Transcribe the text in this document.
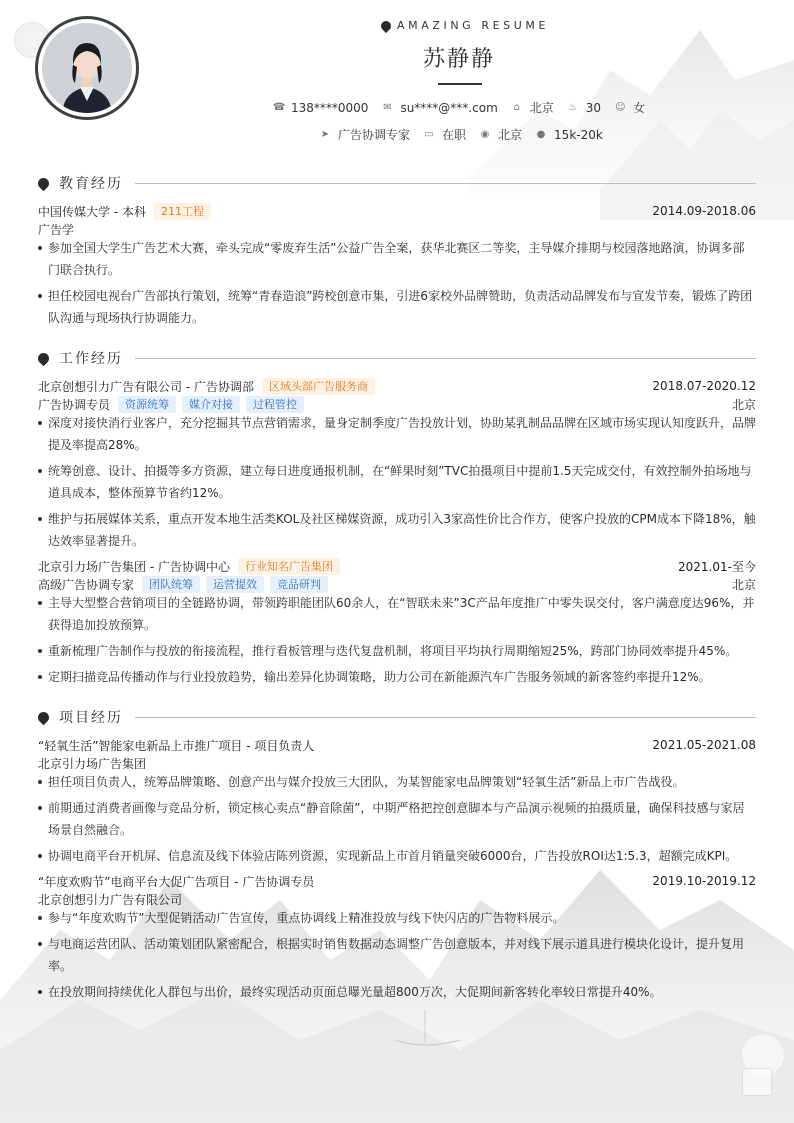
AMAZING RESUME
苏静静
☎ 138****0000 ✉ su****@***.com ⌂ 北京 ♨ 30 ☺ 女
➤ 广告协调专家 ▭ 在职 ◉ 北京 ● 15k-20k
教育经历
中国传媒大学 - 本科	211工程	2014.09-2018.06
广告学
参加全国大学生广告艺术大赛，牵头完成“零废弃生活”公益广告全案，获华北赛区二等奖，主导媒介排期与校园落地路演，协调多部门联合执行。
担任校园电视台广告部执行策划，统筹“青春造浪”跨校创意市集，引进6家校外品牌赞助，负责活动品牌发布与宣发节奏，锻炼了跨团队沟通与现场执行协调能力。
工作经历
北京创想引力广告有限公司 - 广告协调部	区域头部广告服务商	2018.07-2020.12
广告协调专员	资源统筹	媒介对接	过程管控	北京
深度对接快消行业客户，充分挖掘其节点营销需求，量身定制季度广告投放计划，协助某乳制品品牌在区域市场实现认知度跃升，品牌提及率提高28%。
统筹创意、设计、拍摄等多方资源，建立每日进度通报机制，在“鲜果时刻”TVC拍摄项目中提前1.5天完成交付，有效控制外拍场地与道具成本，整体预算节省约12%。
维护与拓展媒体关系，重点开发本地生活类KOL及社区梯媒资源，成功引入3家高性价比合作方，使客户投放的CPM成本下降18%，触达效率显著提升。
北京引力场广告集团 - 广告协调中心	行业知名广告集团	2021.01-至今
高级广告协调专家	团队统筹	运营提效	竞品研判	北京
主导大型整合营销项目的全链路协调，带领跨职能团队60余人，在“智联未来”3C产品年度推广中零失误交付，客户满意度达96%，并获得追加投放预算。
重新梳理广告制作与投放的衔接流程，推行看板管理与迭代复盘机制，将项目平均执行周期缩短25%，跨部门协同效率提升45%。
定期扫描竞品传播动作与行业投放趋势，输出差异化协调策略，助力公司在新能源汽车广告服务领域的新客签约率提升12%。
项目经历
“轻氧生活”智能家电新品上市推广项目 - 项目负责人	2021.05-2021.08
北京引力场广告集团
担任项目负责人，统筹品牌策略、创意产出与媒介投放三大团队，为某智能家电品牌策划“轻氧生活”新品上市广告战役。
前期通过消费者画像与竞品分析，锁定核心卖点“静音除菌”，中期严格把控创意脚本与产品演示视频的拍摄质量，确保科技感与家居场景自然融合。
协调电商平台开机屏、信息流及线下体验店陈列资源，实现新品上市首月销量突破6000台，广告投放ROI达1:5.3，超额完成KPI。
“年度欢购节”电商平台大促广告项目 - 广告协调专员	2019.10-2019.12
北京创想引力广告有限公司
参与“年度欢购节”大型促销活动广告宣传，重点协调线上精准投放与线下快闪店的广告物料展示。
与电商运营团队、活动策划团队紧密配合，根据实时销售数据动态调整广告创意版本，并对线下展示道具进行模块化设计，提升复用率。
在投放期间持续优化人群包与出价，最终实现活动页面总曝光量超800万次，大促期间新客转化率较日常提升40%。
